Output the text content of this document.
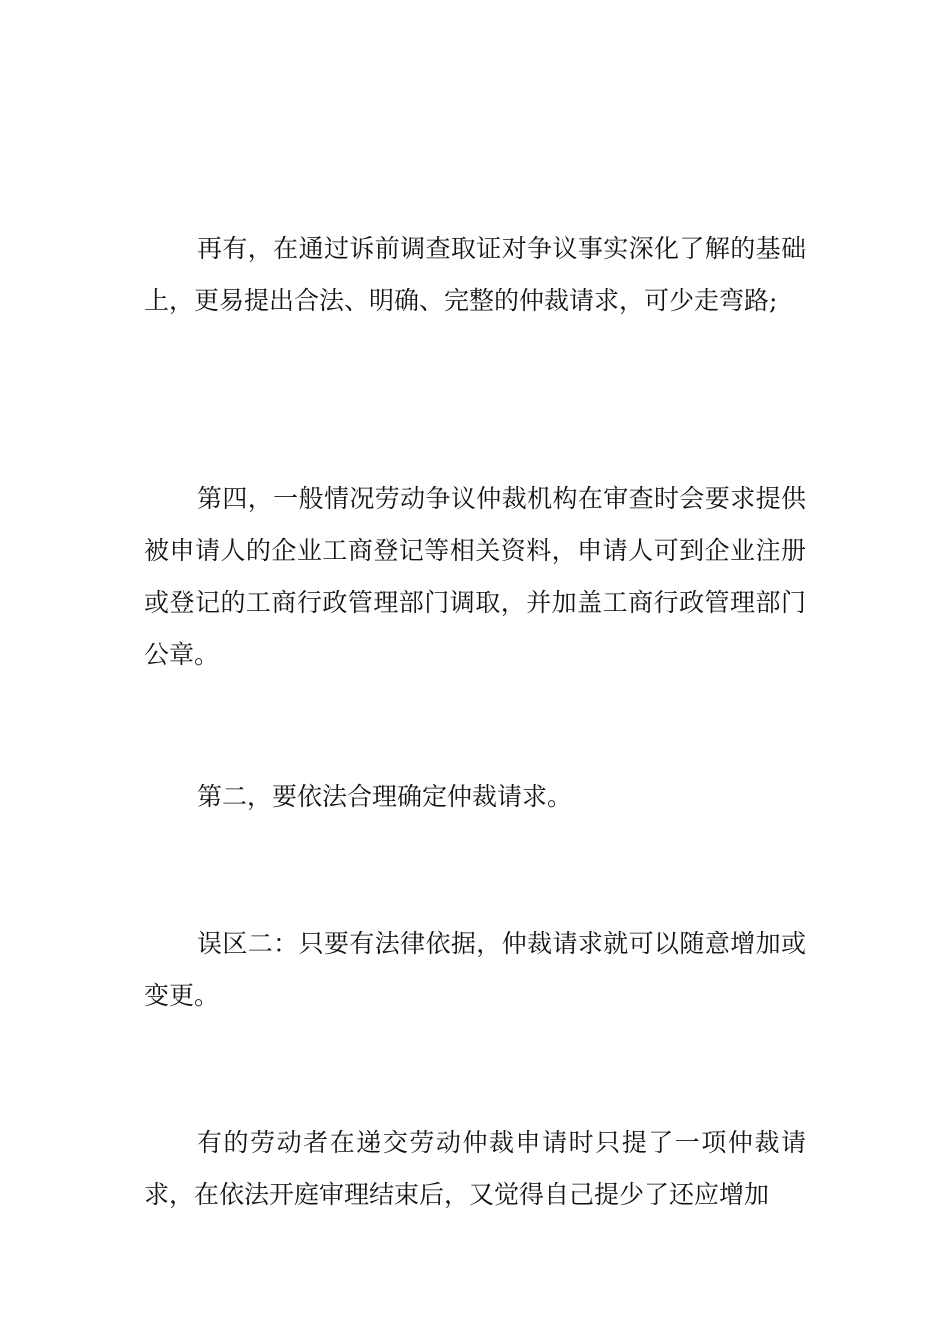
再有，在通过诉前调查取证对争议事实深化了解的基础上，更易提出合法、明确、完整的仲裁请求，可少走弯路;

第四，一般情况劳动争议仲裁机构在审查时会要求提供被申请人的企业工商登记等相关资料，申请人可到企业注册或登记的工商行政管理部门调取，并加盖工商行政管理部门公章。

第二，要依法合理确定仲裁请求。

误区二：只要有法律依据，仲裁请求就可以随意增加或变更。

有的劳动者在递交劳动仲裁申请时只提了一项仲裁请求，在依法开庭审理结束后，又觉得自己提少了还应增加
